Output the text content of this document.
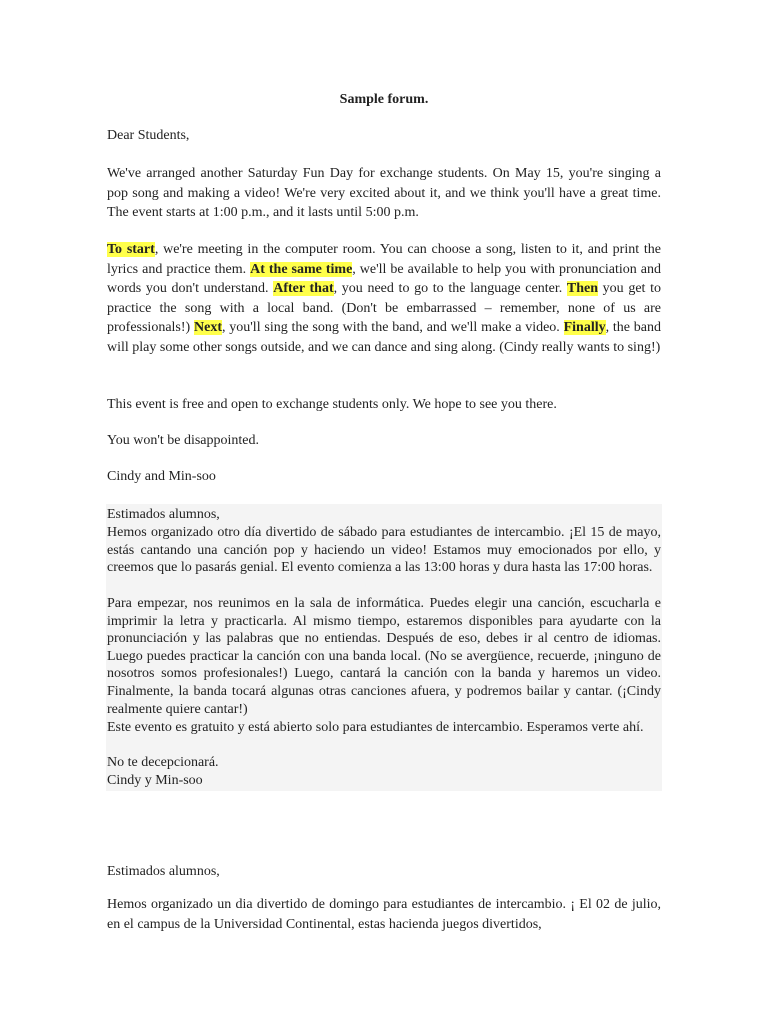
Sample forum.

Dear Students,

We've arranged another Saturday Fun Day for exchange students. On May 15, you're singing a pop song and making a video! We're very excited about it, and we think you'll have a great time. The event starts at 1:00 p.m., and it lasts until 5:00 p.m.

To start, we're meeting in the computer room. You can choose a song, listen to it, and print the lyrics and practice them. At the same time, we'll be available to help you with pronunciation and words you don't understand. After that, you need to go to the language center. Then you get to practice the song with a local band. (Don't be embarrassed – remember, none of us are professionals!) Next, you'll sing the song with the band, and we'll make a video. Finally, the band will play some other songs outside, and we can dance and sing along. (Cindy really wants to sing!)

This event is free and open to exchange students only. We hope to see you there.

You won't be disappointed.

Cindy and Min-soo

Estimados alumnos,

Hemos organizado otro día divertido de sábado para estudiantes de intercambio. ¡El 15 de mayo, estás cantando una canción pop y haciendo un video! Estamos muy emocionados por ello, y creemos que lo pasarás genial. El evento comienza a las 13:00 horas y dura hasta las 17:00 horas.

Para empezar, nos reunimos en la sala de informática. Puedes elegir una canción, escucharla e imprimir la letra y practicarla. Al mismo tiempo, estaremos disponibles para ayudarte con la pronunciación y las palabras que no entiendas. Después de eso, debes ir al centro de idiomas. Luego puedes practicar la canción con una banda local. (No se avergüence, recuerde, ¡ninguno de nosotros somos profesionales!) Luego, cantará la canción con la banda y haremos un video. Finalmente, la banda tocará algunas otras canciones afuera, y podremos bailar y cantar. (¡Cindy realmente quiere cantar!)

Este evento es gratuito y está abierto solo para estudiantes de intercambio. Esperamos verte ahí.

No te decepcionará.

Cindy y Min-soo

Estimados alumnos,

Hemos organizado un dia divertido de domingo para estudiantes de intercambio. ¡ El 02 de julio, en el campus de la Universidad Continental, estas hacienda juegos divertidos,
